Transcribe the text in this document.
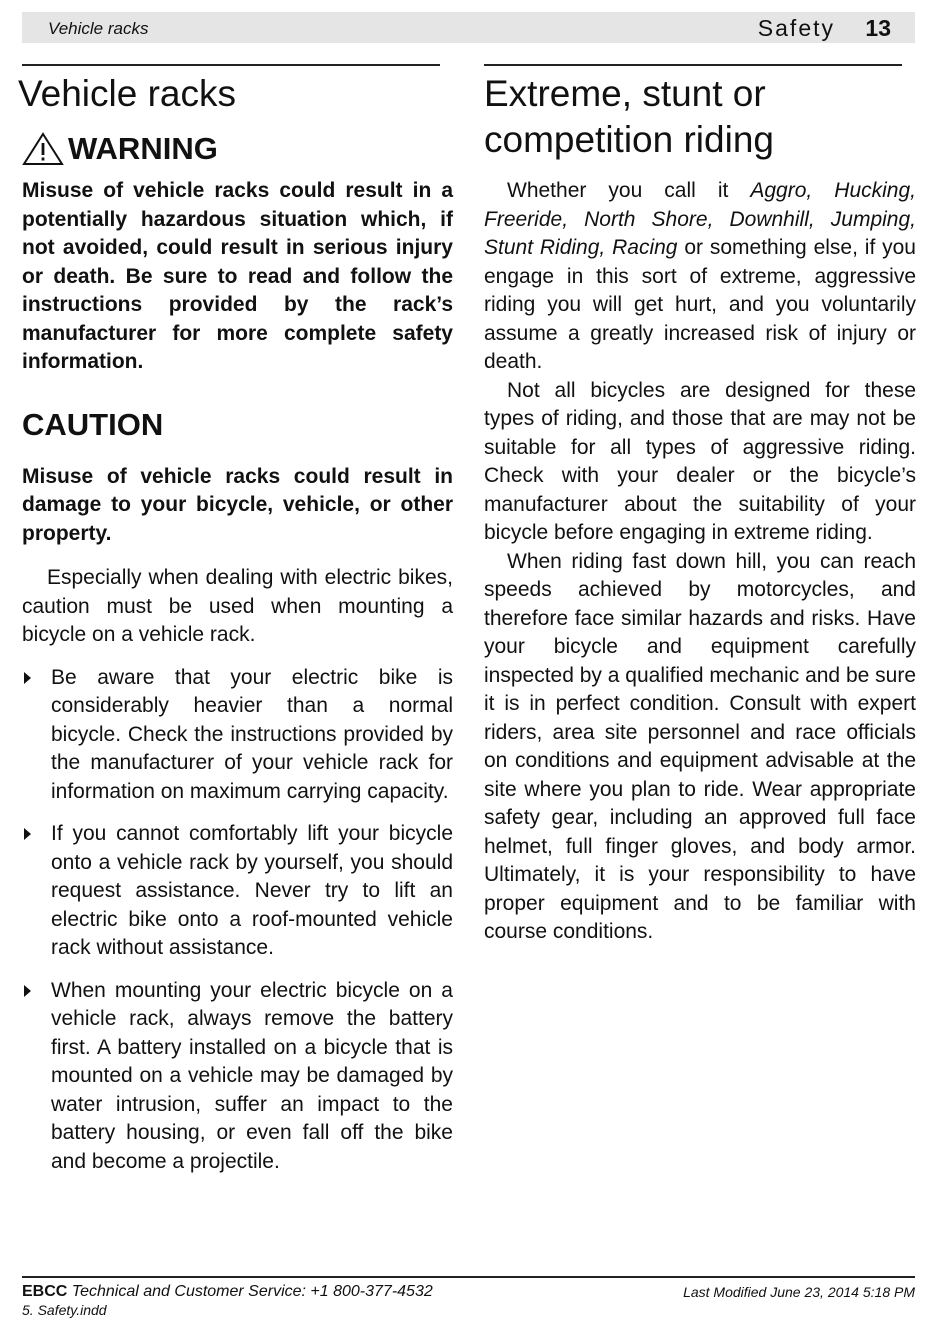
Vehicle racks	Safety 13
Vehicle racks
WARNING

Misuse of vehicle racks could result in a potentially hazardous situation which, if not avoided, could result in serious injury or death. Be sure to read and follow the instructions provided by the rack’s manufacturer for more complete safety information.

CAUTION

Misuse of vehicle racks could result in damage to your bicycle, vehicle, or other property.

Especially when dealing with electric bikes, caution must be used when mounting a bicycle on a vehicle rack.

Be aware that your electric bike is considerably heavier than a normal bicycle. Check the instructions provided by the manufacturer of your vehicle rack for information on maximum carrying capacity.
If you cannot comfortably lift your bicycle onto a vehicle rack by yourself, you should request assistance. Never try to lift an electric bike onto a roof-mounted vehicle rack without assistance.
When mounting your electric bicycle on a vehicle rack, always remove the battery first. A battery installed on a bicycle that is mounted on a vehicle may be damaged by water intrusion, suffer an impact to the battery housing, or even fall off the bike and become a projectile.
Extreme, stunt or competition riding

Whether you call it Aggro, Hucking, Freeride, North Shore, Downhill, Jumping, Stunt Riding, Racing or something else, if you engage in this sort of extreme, aggressive riding you will get hurt, and you voluntarily assume a greatly increased risk of injury or death.

Not all bicycles are designed for these types of riding, and those that are may not be suitable for all types of aggressive riding. Check with your dealer or the bicycle’s manufacturer about the suitability of your bicycle before engaging in extreme riding.

When riding fast down hill, you can reach speeds achieved by motorcycles, and therefore face similar hazards and risks. Have your bicycle and equipment carefully inspected by a qualified mechanic and be sure it is in perfect condition. Consult with expert riders, area site personnel and race officials on conditions and equipment advisable at the site where you plan to ride. Wear appropriate safety gear, including an approved full face helmet, full finger gloves, and body armor. Ultimately, it is your responsibility to have proper equipment and to be familiar with course conditions.

EBCC Technical and Customer Service: +1 800-377-4532
5. Safety.indd
Last Modified June 23, 2014 5:18 PM
